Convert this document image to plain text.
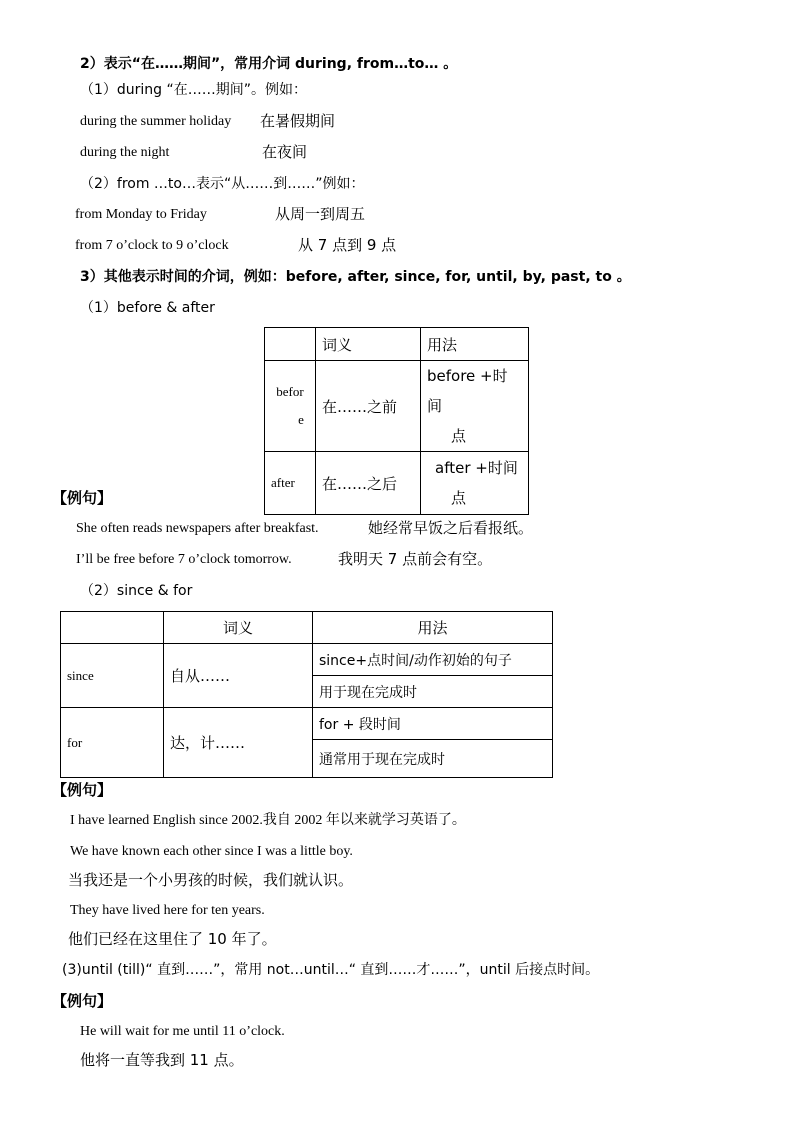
2）表示“在……期间”，常用介词 during, from…to… 。
（1）during “在……期间”。例如：
during the summer holiday 在暑假期间
during the night	在夜间
（2）from …to…表示“从……到……”例如：
from Monday to Friday	从周一到周五
from 7 o’clock to 9 o’clock	从 7 点到 9 点
3）其他表示时间的介词，例如：before, after, since, for, until, by, past, to 。
（1）before & after
	词义	用法
befor
e	在……之前	before +时间
点
after	在……之后	after +时间
点
【例句】
She often reads newspapers after breakfast.	她经常早饭之后看报纸。
I’ll be free before 7 o’clock tomorrow.	我明天 7 点前会有空。
（2）since & for
	词义	用法
since	自从……	since+点时间/动作初始的句子
		用于现在完成时
for	达，计……	for + 段时间
		通常用于现在完成时
【例句】
I have learned English since 2002.我自 2002 年以来就学习英语了。
We have known each other since I was a little boy.
当我还是一个小男孩的时候，我们就认识。
They have lived here for ten years.
他们已经在这里住了 10 年了。
(3)until (till)“ 直到……”，常用 not…until…“ 直到……才……”，until 后接点时间。
【例句】
He will wait for me until 11 o’clock.
他将一直等我到 11 点。
